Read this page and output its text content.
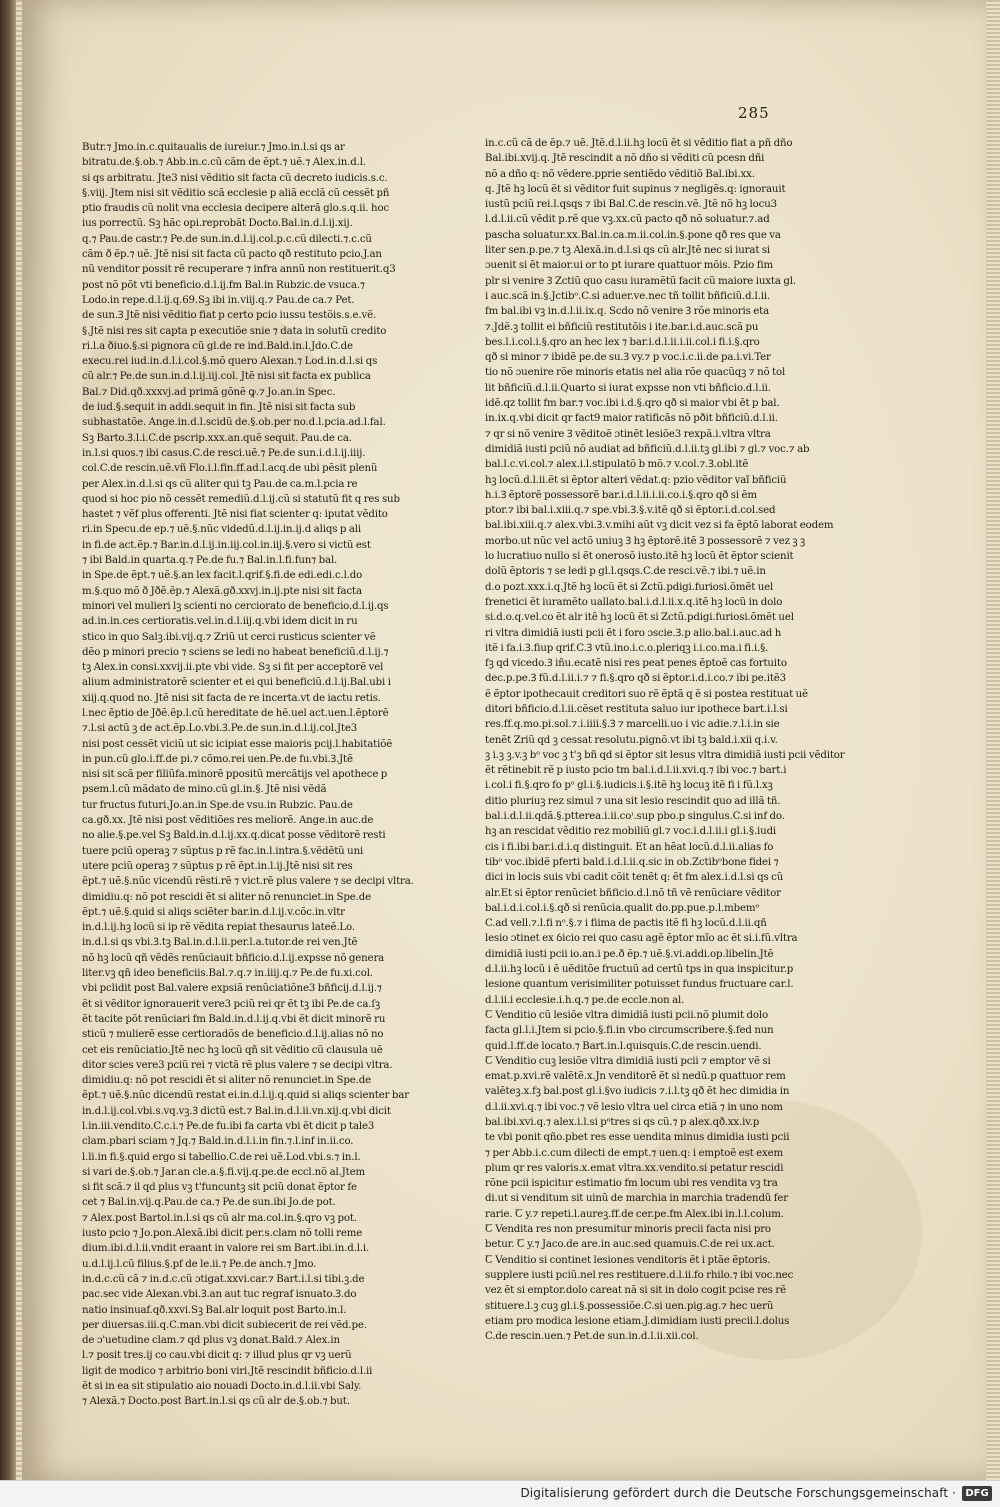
285
Butr.⁊ Jmo.in.c.quitaualis de iureiur.⁊ Jmo.in.l.si qs ar
bitratu.de.§.ob.⁊ Abb.in.c.cũ cãm de ẽpt.⁊ uẽ.⁊ Alex.in.d.l.
si qs arbitratu. Jte3 nisi vẽditio sit facta cũ decreto iudicis.s.c.
§.viij. Jtem nisi sit vẽditio scã ecclesie p aliã ecclã cũ cessẽt pñ
ptio fraudis cũ nolit vna ecclesia decipere alterã glo.s.q.ii. hoc
ius porrectũ. Sꝫ hãc opi.reprobãt Docto.Bal.in.d.l.ij.xij.
q.⁊ Pau.de castr.⁊ Pe.de sun.in.d.l.ij.col.p.c.cũ dilecti.⁊.c.cũ
cãm ð ẽp.⁊ uẽ. Jtẽ nisi sit facta cũ pacto qð restituto pcio.J.an
nũ venditor possit rẽ recuperare ⁊ infra annũ non restituerit.q3
post nõ põt vti beneficio.d.l.ij.fm Bal.in Rubzic.de vsuca.⁊
Lodo.in repe.d.l.ij.q.69.Sꝫ ibi in.viij.q.⁊ Pau.de ca.⁊ Pet.
de sun.Ꝫ Jtẽ nisi vẽditio fiat p certo pcio iussu testõis.s.e.vẽ.
§.Jtẽ nisi res sit capta p executiõe snie ⁊ data in solutũ credito
ri.l.a ðiuo.§.si pignora cũ gl.de re ind.Bald.in.l.Jdo.C.de
execu.rei iud.in.d.l.i.col.§.mõ quero Alexan.⁊ Lod.in.d.l.si qs
cũ alr.⁊ Pe.de sun.in.d.l.ij.iij.col. Jtẽ nisi sit facta ex publica
Bal.⁊ Did.qð.xxxvj.ad primã gõnẽ ꝙ.⁊ Jo.an.in Spec.
de iud.§.sequit in addi.sequit in fin. Jtẽ nisi sit facta sub
subhastatõe. Ange.in.d.l.scidũ de.§.ob.per no.d.l.pcia.ad.l.fal.
Sꝫ Barto.Ꝫ.l.i.C.de pscrip.xxx.an.quẽ sequit. Pau.de ca.
in.l.si quos.⁊ ibi casus.C.de resci.uẽ.⁊ Pe.de sun.i.d.l.ij.iiij.
col.C.de rescin.uẽ.vñ Flo.i.l.fin.ff.ad.l.acq.de ubi pẽsit plenũ
per Alex.in.d.l.si qs cũ aliter qui tꝫ Pau.de ca.m.l.pcia re
quod si hoc pio nõ cessẽt remediũ.d.l.ij.cũ si statutũ fit q res sub
hastet ⁊ vẽf plus offerenti. Jtẽ nisi fiat scienter q: iputat vẽdito
ri.in Specu.de ep.⁊ uẽ.§.nũc videdũ.d.l.ij.in.ij.d aliqs p ali
in fi.de act.ẽp.⁊ Bar.in.d.l.ij.in.iij.col.in.iij.§.vero si victũ est
⁊ ibi Bald.in quarta.q.⁊ Pe.de fu.⁊ Bal.in.l.fi.fun⁊ bal.
in Spe.de ẽpt.⁊ uẽ.§.an lex facit.l.qrif.§.fi.de edi.edi.c.l.do
m.§.quo mõ ð Jðẽ.ẽp.⁊ Alexã.gð.xxvj.in.ij.pte nisi sit facta
minori vel mulieri lꝫ scienti no cerciorato de beneficio.d.l.ij.qs
ad.in.in.ces certioratis.vel.in.d.l.iij.q.vbi idem dicit in ru
stico in quo Salꝫ.ibi.vij.q.⁊ Zriũ ut cerci rusticus scienter vẽ
dẽo p minori precio ⁊ sciens se ledi no habeat beneficiũ.d.l.ij.⁊
tꝫ Alex.in consi.xxvij.ii.pte vbi vide. Sꝫ si fit per acceptorẽ vel
alium administratorẽ scienter et ei qui beneficiũ.d.l.ij.Bal.ubi i
xiij.q.quod no. Jtẽ nisi sit facta de re incerta.vt de iactu retis.
l.nec ẽptio de Jðẽ.ẽp.l.cũ hereditate de hẽ.uel act.uen.l.ẽptorẽ
⁊.l.si actũ ꝫ de act.ẽp.Lo.vbi.Ꝫ.Pe.de sun.in.d.l.ij.col.Jte3
nisi post cessẽt viciũ ut sic icipiat esse maioris pcij.l.habitatiõẽ
in pun.cũ glo.i.ff.de pi.⁊ cõmo.rei uen.Pe.de fu.vbi.Ꝫ.Jtẽ
nisi sit scã per filiũfa.minorẽ ppositũ mercãtijs vel apothece p
psem.l.cũ mãdato de mino.cũ gl.in.§. Jtẽ nisi vẽdã
tur fructus futuri.Jo.an.in Spe.de vsu.in Rubzic. Pau.de
ca.gð.xx. Jtẽ nisi post vẽditiões res meliorẽ. Ange.in auc.de
no alie.§.pe.vel Sꝫ Bald.in.d.l.ij.xx.q.dicat posse vẽditorẽ resti
tuere pciũ operaꝫ ⁊ sũptus p rẽ fac.in.l.intra.§.vẽdẽtũ uni
utere pciũ operaꝫ ⁊ sũptus p rẽ ẽpt.in.l.ij.Jtẽ nisi sit res
ẽpt.⁊ uẽ.§.nũc vicendũ rẽsti.rẽ ⁊ vict.rẽ plus valere ⁊ se decipi vltra.
dimidiu.q: nõ pot rescidi ẽt si aliter nõ renunciet.in Spe.de
ẽpt.⁊ uẽ.§.quid si aliqs sciẽter bar.in.d.l.ij.v.cõc.in.vltr
in.d.l.ij.hꝫ locũ si ip rẽ vẽdita repiat thesaurus lateẽ.Lo.
in.d.l.si qs vbi.Ꝫ.tꝫ Bal.in.d.l.ii.per.l.a.tutor.de rei ven.Jtẽ
nõ hꝫ locũ qñ vẽdẽs renũciauit bñficio.d.l.ij.expsse nõ genera
liter.vꝫ qñ ideo beneficiis.Bal.⁊.q.⁊ in.iiij.q.⁊ Pe.de fu.xi.col.
vbi pclidit post Bal.valere expsiã renũciatiõne3 bñficij.d.l.ij.⁊
ẽt si vẽditor ignorauerit vere3 pciũ rei qr ẽt tꝫ ibi Pe.de ca.ſꝫ
ẽt tacite põt renũciari fm Bald.in.d.l.ij.q.vbi ẽt dicit minorẽ ru
sticũ ⁊ mulierẽ esse certioradõs de beneficio.d.l.ij.alias nõ no
cet eis renũciatio.Jtẽ nec hꝫ locũ qñ sit vẽditio cũ clausula uẽ
ditor scies vere3 pciũ rei ⁊ victã rẽ plus valere ⁊ se decipi vltra.
dimidiu.q: nõ pot rescidi ẽt si aliter nõ renunciet.in Spe.de
ẽpt.⁊ uẽ.§.nũc dicendũ restat ei.in.d.l.ij.q.quid si aliqs scienter bar
in.d.l.ij.col.vbi.s.vq.vꝫ.Ꝫ dictũ est.⁊ Bal.in.d.l.ii.vn.xij.q.vbi dicit
l.in.iii.vendito.C.c.i.⁊ Pe.de fu.ibi fa carta vbi ẽt dicit p tale3
clam.pbari sciam ⁊ Jq.⁊ Bald.in.d.l.i.in fin.⁊.l.inf in.ii.co.
l.li.in fi.§.quid ergo si tabellio.C.de rei uẽ.Lod.vbi.s.⁊ in.l.
si vari de.§.ob.⁊ Jar.an cle.a.§.fi.vij.q.pe.de eccl.nõ al.Jtem
si fit scã.⁊ il qd plus vꝫ t'funcuntꝫ sit pciũ donat ẽptor fe
cet ⁊ Bal.in.vij.q.Pau.de ca.⁊ Pe.de sun.ibi Jo.de pot.
⁊ Alex.post Bartol.in.l.si qs cũ alr ma.col.in.§.qro vꝫ pot.
iusto pcio ⁊ Jo.pon.Alexã.ibi dicit per.s.clam nõ tolli reme
dium.ibi.d.l.ii.vndit eraant in valore rei sm Bart.ibi.in.d.l.i.
u.d.l.ij.l.cũ filius.§.pf de le.ii.⁊ Pe.de anch.⁊ Jmo.
in.d.c.cũ cã ⁊ in.d.c.cũ ɔtigat.xxvi.car.⁊ Bart.i.l.si tibi.ꝫ.de
pac.sec vide Alexan.vbi.Ꝫ.an aut tuc regraf isnuato.Ꝫ.do
natio insinuaf.qð.xxvi.Sꝫ Bal.alr loquit post Barto.in.l.
per diuersas.iii.q.C.man.vbi dicit subiecerit de rei vẽd.pe.
de ɔ'uetudine clam.⁊ qd plus vꝫ donat.Bald.⁊ Alex.in
l.⁊ posit tres.ij co cau.vbi dicit q: ⁊ illud plus qr vꝫ uerũ
ligit de modico ⁊ arbitrio boni viri.Jtẽ rescindit bñficio.d.l.ii
ẽt si in ea sit stipulatio aio nouadi Docto.in.d.l.ii.vbi Saly.
⁊ Alexã.⁊ Docto.post Bart.in.l.si qs cũ alr de.§.ob.⁊ but.
in.c.cũ cã de ẽp.⁊ uẽ. Jtẽ.d.l.ii.hꝫ locũ ẽt si vẽditio fiat a pñ dño
Bal.ibi.xvij.q. Jtẽ rescindit a nõ dño si vẽditi cũ pcesn dñi
nõ a dño q: nõ vẽdere.pprie sentiẽdo vẽditiõ Bal.ibi.xx.
q. Jtẽ hꝫ locũ ẽt si vẽditor fuit supinus ⁊ negligẽs.q: ignorauit
iustũ pciũ rei.l.qsqs ⁊ ibi Bal.C.de rescin.vẽ. Jtẽ nõ hꝫ locu3
l.d.l.ii.cũ vẽdit p.rẽ que vꝫ.xx.cũ pacto qð nõ soluatur.⁊.ad
pascha soluatur.xx.Bal.in.ca.m.ii.col.in.§.pone qð res que va
liter sen.p.pe.⁊ tꝫ Alexã.in.d.l.si qs cũ alr.Jtẽ nec si iurat si
ɔuenit si ẽt maior.ui or to pt iurare quattuor mõis. Pzio fim
plr si venire Ꝫ Zctiũ quo casu iuramẽtũ facit cũ maiore iuxta gl.
i auc.scã in.§.Jctibᵒ.C.si aduer.ve.nec tñ tollit bñficiũ.d.l.ii.
fm bal.ibi vꝫ in.d.l.ii.ix.q. Scdo nõ venire Ꝫ rõe minoris eta
⁊.Jdẽ.ꝫ tollit ei bñficiũ restitutõis i ite.bar.i.d.auc.scã pu
bes.l.i.col.i.§.qro an hec lex ⁊ bar.i.d.l.ii.i.ii.col.i fi.i.§.qro
qð si minor ⁊ ibidẽ pe.de su.Ꝫ vy.⁊ p voc.i.c.ii.de pa.i.vi.Ter
tio nõ ɔuenire rõe minoris etatis nel alia rõe quacũqꝫ ⁊ nõ tol
lit bñficiũ.d.l.ii.Quarto si iurat expsse non vti bñficio.d.l.ii.
idẽ.qz tollit fm bar.⁊ voc.ibi i.d.§.qro qð si maior vbi ẽt p bal.
in.ix.q.vbi dicit qr fact9 maior ratificãs nõ pðit bñficiũ.d.l.ii.
⁊ qr si nõ venire Ꝫ vẽditoẽ ɔtinẽt lesiõe3 rexpã.i.vltra vltra
dimidiã iusti pciũ nõ audiat ad bñficiũ.d.l.ii.tꝫ gl.ibi ⁊ gl.⁊ voc.⁊ ab
bal.l.c.vi.col.⁊ alex.i.l.stipulatõ b mõ.⁊ v.col.⁊.Ꝫ.obl.itẽ
hꝫ locũ.d.l.ii.ẽt si ẽptor alteri vẽdat.q: pzio vẽditor vaĩ bñficiũ
h.i.Ꝫ ẽptorẽ possessorẽ bar.i.d.l.ii.i.ii.co.i.§.qro qð si ẽm
ptor.⁊ ibi bal.i.xiii.q.⁊ spe.vbi.Ꝫ.§.v.itẽ qð si ẽptor.i.d.col.sed
bal.ibi.xiii.q.⁊ alex.vbi.Ꝫ.v.mihi aũt vꝫ dicit vez si fa ẽptõ laborat eodem
morbo.ut nũc vel actõ uniuꝫ Ꝫ hꝫ ẽptorẽ.itẽ Ꝫ possessorẽ ⁊ vez ꝫ ꝫ
lo lucratiuo nullo si ẽt onerosõ iusto.itẽ hꝫ locũ ẽt ẽptor scienit
dolũ ẽptoris ⁊ se ledi p gl.l.qsqs.C.de resci.vẽ.⁊ ibi.⁊ uẽ.in
d.o pozt.xxx.i.q.Jtẽ hꝫ locũ ẽt si Zctũ.pdigi.furiosi.õmẽt uel
frenetici ẽt iuramẽto uallato.bal.i.d.l.ii.x.q.itẽ hꝫ locũ in dolo
si.d.o.q.vel.co ẽt alr itẽ hꝫ locũ ẽt si Zctũ.pdigi.furiosi.õmẽt uel
ri vltra dimidiã iusti pcii ẽt i foro ɔscie.Ꝫ.p alio.bal.i.auc.ad h
itẽ i fa.i.Ꝫ.fiup qrif.C.Ꝫ vtũ.ino.i.c.o.pleriqꝫ i.i.co.ma.i fi.i.§.
fꝫ qd vicedo.Ꝫ iñu.ecatẽ nisi res peat penes ẽptoẽ cas fortuito
dec.p.pe.Ꝫ fũ.d.l.ii.i.⁊ ⁊ fi.§.qro qð si ẽptor.i.d.i.co.⁊ ibi pe.itẽ3
ẽ ẽptor ipothecauit creditori suo rẽ ẽptã q ẽ si postea restituat uẽ
ditori bñficio.d.l.ii.cẽset restituta saluo iur ipothece bart.i.l.si
res.ff.q.mo.pi.sol.⁊.i.iiii.§.Ꝫ ⁊ marcelli.uo i vic adie.⁊.l.i.in sie
tenẽt Zriũ qd ꝫ cessat resolutu.pignõ.vt ibi tꝫ bald.i.xii q.i.v.
ꝫ i.ꝫ ꝫ.v.ꝫ bᵒ voc ꝫ t'ꝫ bñ qd si ẽptor sit lesus vltra dimidiã iusti pcii vẽditor
ẽt rẽtinebit rẽ p iusto pcio tm bal.i.d.l.ii.xvi.q.⁊ ibi voc.⁊ bart.i
i.col.i fi.§.qro fo pᵒ gl.i.§.iudicis.i.§.itẽ hꝫ locuꝫ itẽ fi i fũ.l.xꝫ
ditio pluriuꝫ rez simul ⁊ una sit lesio rescindit quo ad illã tñ.
bal.i.d.l.ii.qdã.§.ptterea.i.ii.coᶦ.sup pbo.p singulus.C.si inf do.
hꝫ an rescidat vẽditio rez mobiliũ gl.⁊ voc.i.d.l.ii.i gl.i.§.iudi
cis i fi.ibi bar.i.d.i.q distinguit. Et an hẽat locũ.d.l.ii.alias fo
tibᵒ voc.ibidẽ pferti bald.i.d.l.ii.q.sic in ob.Zctibᵒbone fidei ⁊
dici in locis suis vbi cadit cõit tenẽt q: ẽt fm alex.i.d.l.si qs cũ
alr.Et si ẽptor renũciet bñficio.d.l.nõ tñ vẽ renũciare vẽditor
bal.i.d.i.col.i.§.qð si renũcia.qualit do.pp.pue.p.l.mbemᵒ
C.ad vell.⁊.l.fi nᵒ.§.⁊ i fiima de pactis itẽ fi hꝫ locũ.d.l.ii.qñ
lesio ɔtinet ex ỽicio rei quo casu agẽ ẽptor mĩo ac ẽt si.i.fũ.vltra
dimidiã iusti pcii io.an.i pe.ð ẽp.⁊ uẽ.§.vi.addi.op.libelin.Jtẽ
d.l.ii.hꝫ locũ i ẽ uẽditõe fructuũ ad certũ tps in qua inspicitur.p
lesione quantum verisimiliter potuisset fundus fructuare car.l.
d.l.ii.i ecclesie.i.h.q.⁊ pe.de eccle.non al.
Ꞇ Venditio cũ lesiõe vltra dimidiã iusti pcii.nõ plumit dolo
facta gl.l.i.Jtem si pcio.§.fi.in vbo circumscribere.§.fed nun
quid.l.ff.de locato.⁊ Bart.in.l.quisquis.C.de rescin.uendi.
Ꞇ Venditio cuꝫ lesiõe vltra dimidiã iusti pcii ⁊ emptor vẽ si
emat.p.xvi.rẽ valẽtẽ.x.Jn venditorẽ ẽt si nedũ.p quattuor rem
valẽteꝫ.x.fꝫ bal.post gl.i.§vo iudicis ⁊.i.l.tꝫ qð ẽt hec dimidia in
d.l.ii.xvi.q.⁊ ibi voc.⁊ vẽ lesio vltra uel circa etiã ⁊ in uno nom
bal.ibi.xvi.q.⁊ alex.i.l.si pᵒtres si qs cũ.⁊ p alex.qð.xx.iv.p
te vbi ponit qño.pbet res esse uendita minus dimidia iusti pcii
⁊ per Abb.i.c.cum dilecti de empt.⁊ uen.q: i emptoẽ est exem
plum qr res valoris.x.emat vltra.xx.vendito.si petatur rescidi
rõne pcii ispicitur estimatio fm locum ubi res vendita vꝫ tra
di.ut si venditum sit uinũ de marchia in marchia tradendũ fer
rarie. Ꞇ y.⁊ repeti.l.aureꝫ.ff.de cer.pe.fm Alex.ibi in.l.l.colum.
Ꞇ Vendita res non presumitur minoris precii facta nisi pro
betur. Ꞇ y.⁊ Jaco.de are.in auc.sed quamuis.C.de rei ux.act.
Ꞇ Venditio si continet lesiones venditoris ẽt i ptãe ẽptoris.
supplere iusti pciũ.nel res restituere.d.l.ii.fo rhilo.⁊ ibi voc.nec
vez ẽt si emptor.dolo careat nã si sit in dolo cogit pcise res rẽ
stituere.l.ꝫ cuꝫ gl.i.§.possessiõe.C.si uen.pig.ag.⁊ hec uerũ
etiam pro modica lesione etiam.J.dimidiam iusti precii.l.dolus
C.de rescin.uen.⁊ Pet.de sun.in.d.l.ii.xii.col.
Digitalisierung gefördert durch die Deutsche Forschungsgemeinschaft · DFG
